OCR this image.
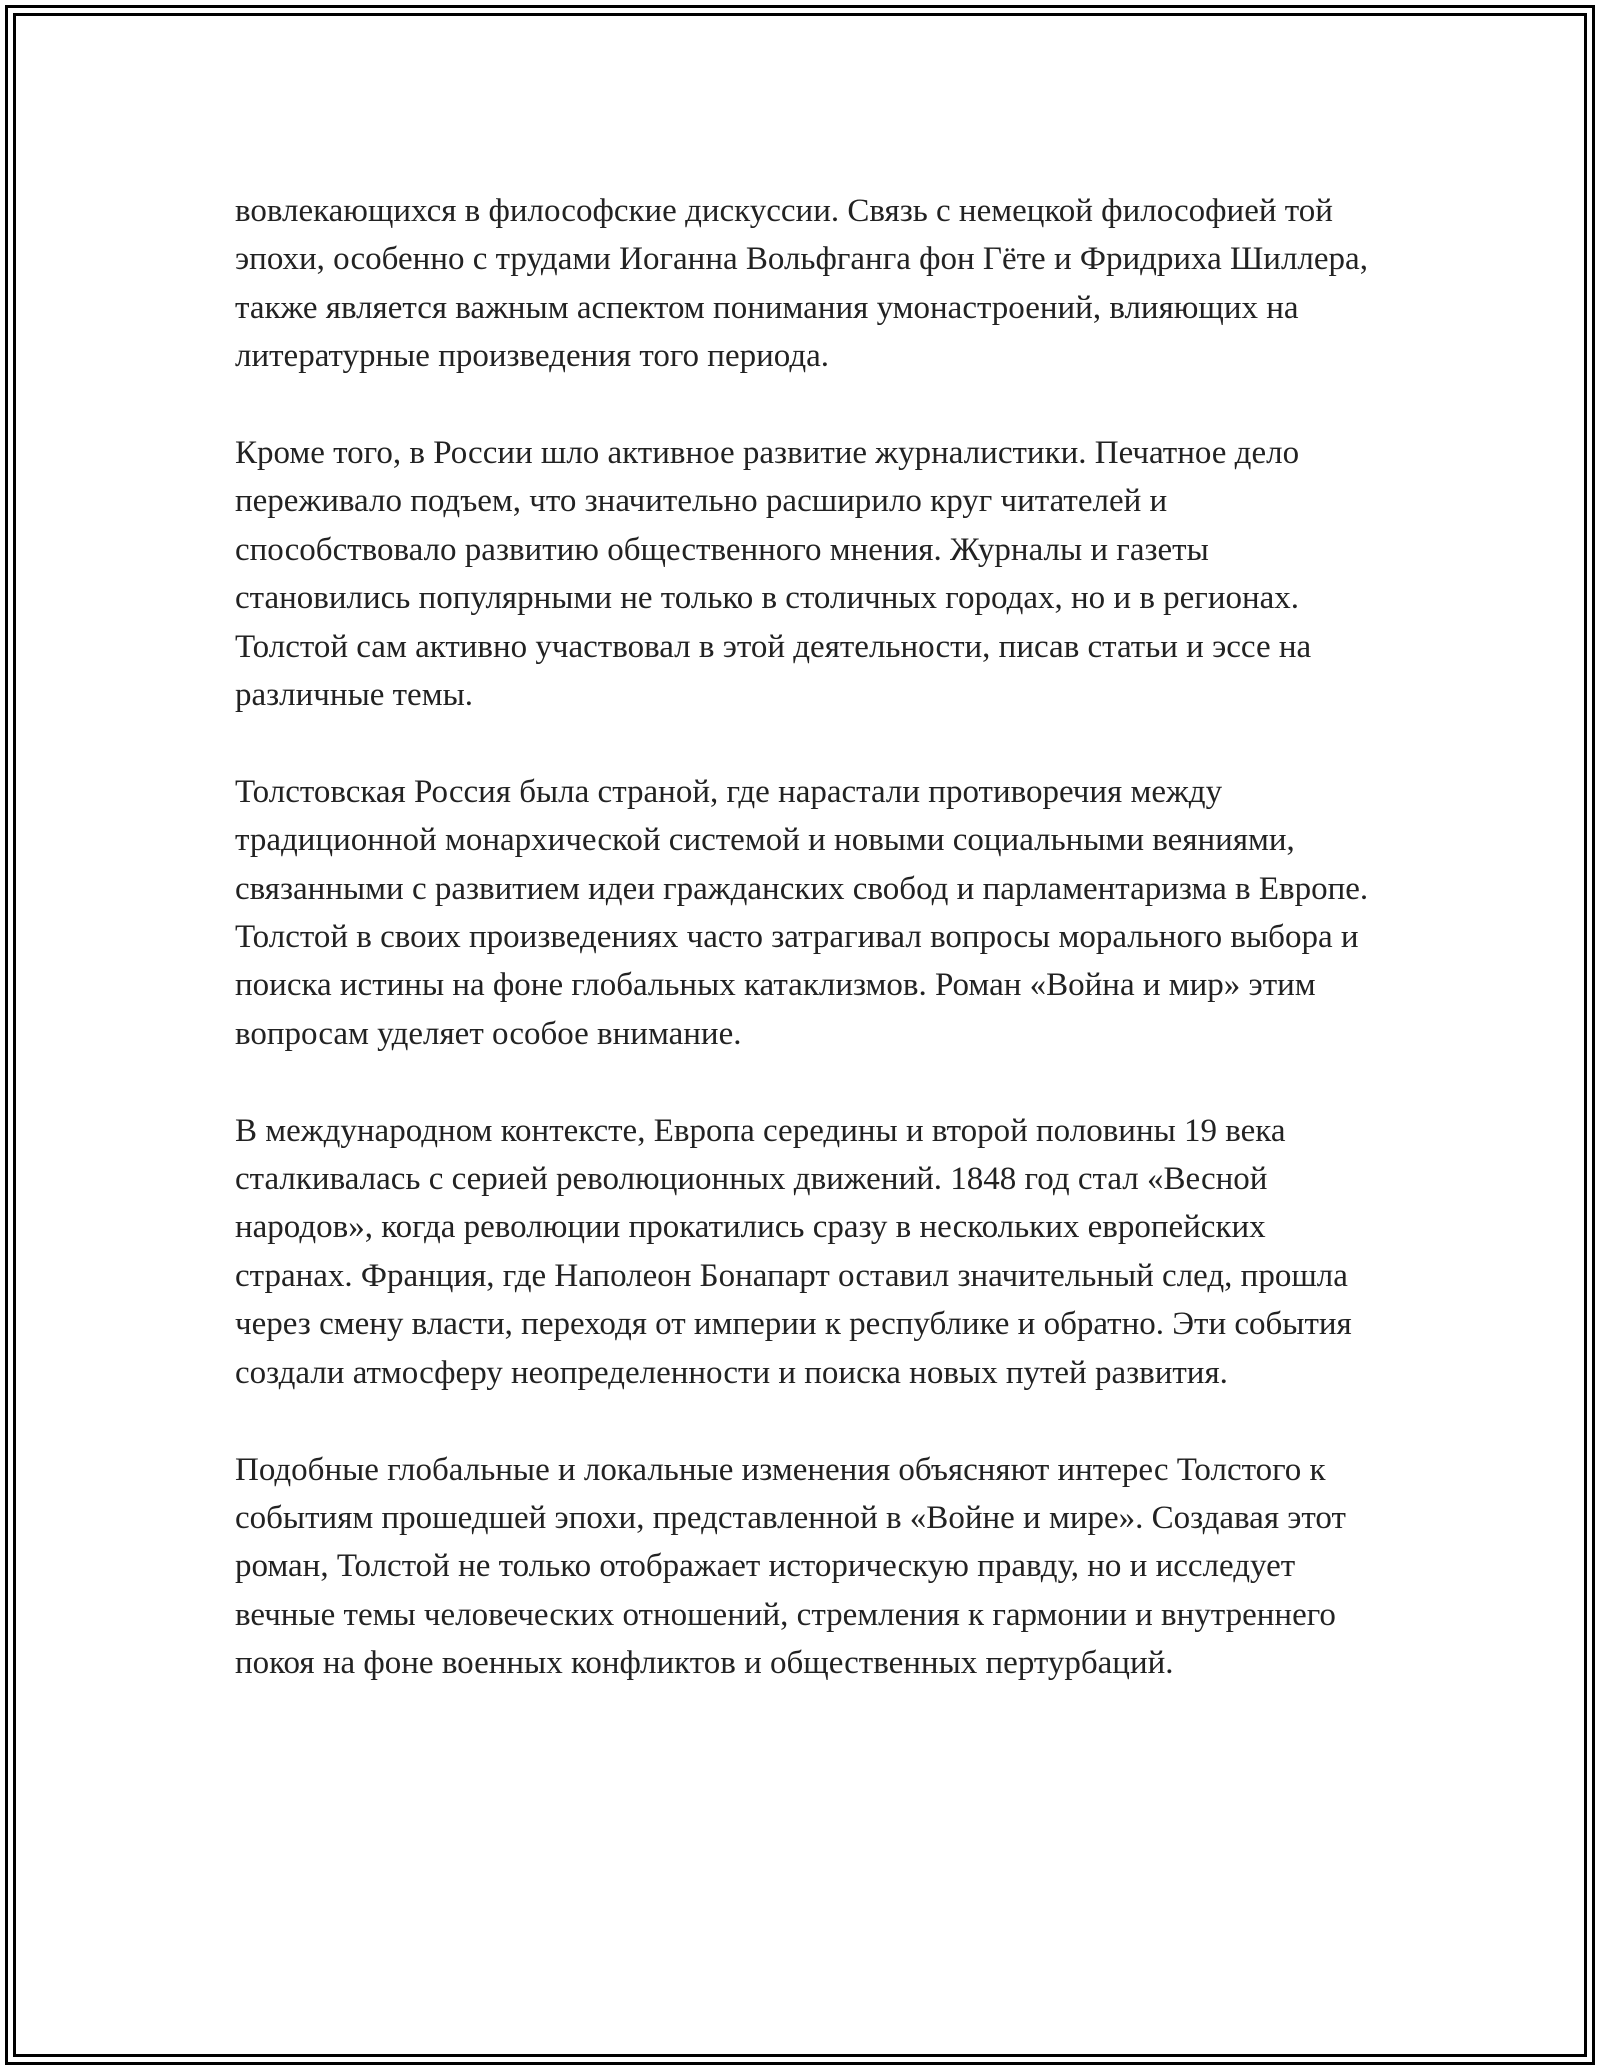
вовлекающихся в философские дискуссии. Связь с немецкой философией той эпохи, особенно с трудами Иоганна Вольфганга фон Гёте и Фридриха Шиллера, также является важным аспектом понимания умонастроений, влияющих на литературные произведения того периода.

Кроме того, в России шло активное развитие журналистики. Печатное дело переживало подъем, что значительно расширило круг читателей и способствовало развитию общественного мнения. Журналы и газеты становились популярными не только в столичных городах, но и в регионах. Толстой сам активно участвовал в этой деятельности, писав статьи и эссе на различные темы.

Толстовская Россия была страной, где нарастали противоречия между традиционной монархической системой и новыми социальными веяниями, связанными с развитием идеи гражданских свобод и парламентаризма в Европе. Толстой в своих произведениях часто затрагивал вопросы морального выбора и поиска истины на фоне глобальных катаклизмов. Роман «Война и мир» этим вопросам уделяет особое внимание.

В международном контексте, Европа середины и второй половины 19 века сталкивалась с серией революционных движений. 1848 год стал «Весной народов», когда революции прокатились сразу в нескольких европейских странах. Франция, где Наполеон Бонапарт оставил значительный след, прошла через смену власти, переходя от империи к республике и обратно. Эти события создали атмосферу неопределенности и поиска новых путей развития.

Подобные глобальные и локальные изменения объясняют интерес Толстого к событиям прошедшей эпохи, представленной в «Войне и мире». Создавая этот роман, Толстой не только отображает историческую правду, но и исследует вечные темы человеческих отношений, стремления к гармонии и внутреннего покоя на фоне военных конфликтов и общественных пертурбаций.
